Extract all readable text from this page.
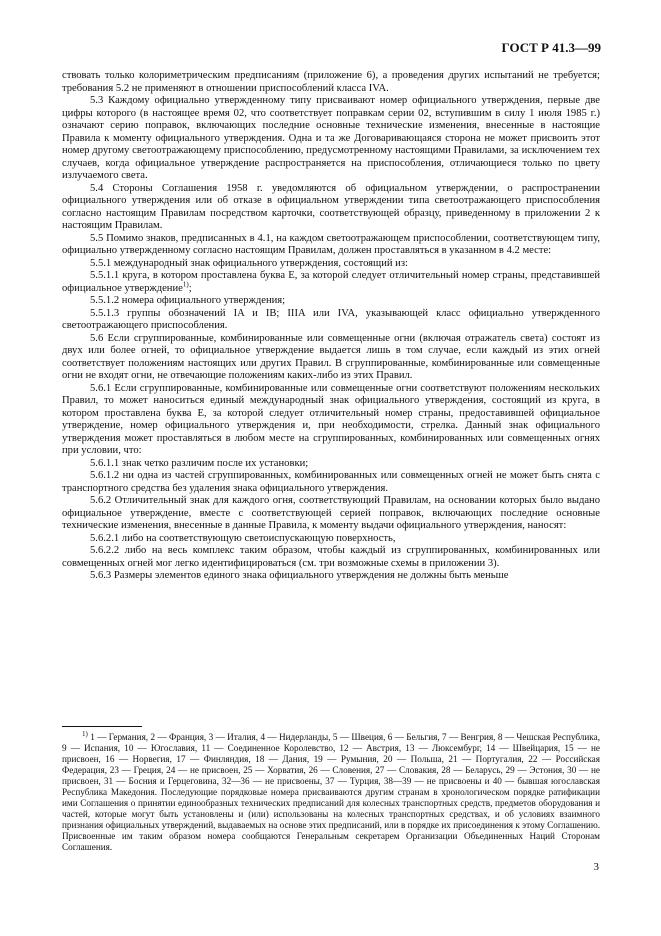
ГОСТ Р 41.3—99

ствовать только колориметрическим предписаниям (приложение 6), а проведения других испытаний не требуется; требования 5.2 не применяют в отношении приспособлений класса IVA.

5.3 Каждому официально утвержденному типу присваивают номер официального утверждения, первые две цифры которого (в настоящее время 02, что соответствует поправкам серии 02, вступившим в силу 1 июля 1985 г.) означают серию поправок, включающих последние основные технические изменения, внесенные в настоящие Правила к моменту официального утверждения. Одна и та же Договаривающаяся сторона не может присвоить этот номер другому светоотражающему приспособлению, предусмотренному настоящими Правилами, за исключением тех случаев, когда официальное утверждение распространяется на приспособления, отличающиеся только по цвету излучаемого света.

5.4 Стороны Соглашения 1958 г. уведомляются об официальном утверждении, о распространении официального утверждения или об отказе в официальном утверждении типа светоотражающего приспособления согласно настоящим Правилам посредством карточки, соответствующей образцу, приведенному в приложении 2 к настоящим Правилам.

5.5 Помимо знаков, предписанных в 4.1, на каждом светоотражающем приспособлении, соответствующем типу, официально утвержденному согласно настоящим Правилам, должен проставляться в указанном в 4.2 месте:

5.5.1 международный знак официального утверждения, состоящий из:

5.5.1.1 круга, в котором проставлена буква Е, за которой следует отличительный номер страны, представившей официальное утверждение$^{1)}$;

5.5.1.2 номера официального утверждения;

5.5.1.3 группы обозначений IA и IB; IIIA или IVA, указывающей класс официально утвержденного светоотражающего приспособления.

5.6 Если сгруппированные, комбинированные или совмещенные огни (включая отражатель света) состоят из двух или более огней, то официальное утверждение выдается лишь в том случае, если каждый из этих огней соответствует положениям настоящих или других Правил. В сгруппированные, комбинированные или совмещенные огни не входят огни, не отвечающие положениям каких-либо из этих Правил.

5.6.1 Если сгруппированные, комбинированные или совмещенные огни соответствуют положениям нескольких Правил, то может наноситься единый международный знак официального утверждения, состоящий из круга, в котором проставлена буква Е, за которой следует отличительный номер страны, предоставившей официальное утверждение, номер официального утверждения и, при необходимости, стрелка. Данный знак официального утверждения может проставляться в любом месте на сгруппированных, комбинированных или совмещенных огнях при условии, что:

5.6.1.1 знак четко различим после их установки;

5.6.1.2 ни одна из частей сгруппированных, комбинированных или совмещенных огней не может быть снята с транспортного средства без удаления знака официального утверждения.

5.6.2 Отличительный знак для каждого огня, соответствующий Правилам, на основании которых было выдано официальное утверждение, вместе с соответствующей серией поправок, включающих последние основные технические изменения, внесенные в данные Правила, к моменту выдачи официального утверждения, наносят:

5.6.2.1 либо на соответствующую светоиспускающую поверхность,

5.6.2.2 либо на весь комплекс таким образом, чтобы каждый из сгруппированных, комбинированных или совмещенных огней мог легко идентифицироваться (см. три возможные схемы в приложении 3).

5.6.3 Размеры элементов единого знака официального утверждения не должны быть меньше

$^{1)}$ 1 — Германия, 2 — Франция, 3 — Италия, 4 — Нидерланды, 5 — Швеция, 6 — Бельгия, 7 — Венгрия, 8 — Чешская Республика, 9 — Испания, 10 — Югославия, 11 — Соединенное Королевство, 12 — Австрия, 13 — Люксембург, 14 — Швейцария, 15 — не присвоен, 16 — Норвегия, 17 — Финляндия, 18 — Дания, 19 — Румыния, 20 — Польша, 21 — Португалия, 22 — Российская Федерация, 23 — Греция, 24 — не присвоен, 25 — Хорватия, 26 — Словения, 27 — Словакия, 28 — Беларусь, 29 — Эстония, 30 — не присвоен, 31 — Босния и Герцеговина, 32—36 — не присвоены, 37 — Турция, 38—39 — не присвоены и 40 — бывшая югославская Республика Македония. Последующие порядковые номера присваиваются другим странам в хронологическом порядке ратификации ими Соглашения о принятии единообразных технических предписаний для колесных транспортных средств, предметов оборудования и частей, которые могут быть установлены и (или) использованы на колесных транспортных средствах, и об условиях взаимного признания официальных утверждений, выдаваемых на основе этих предписаний, или в порядке их присоединения к этому Соглашению. Присвоенные им таким образом номера сообщаются Генеральным секретарем Организации Объединенных Наций Сторонам Соглашения.
3
